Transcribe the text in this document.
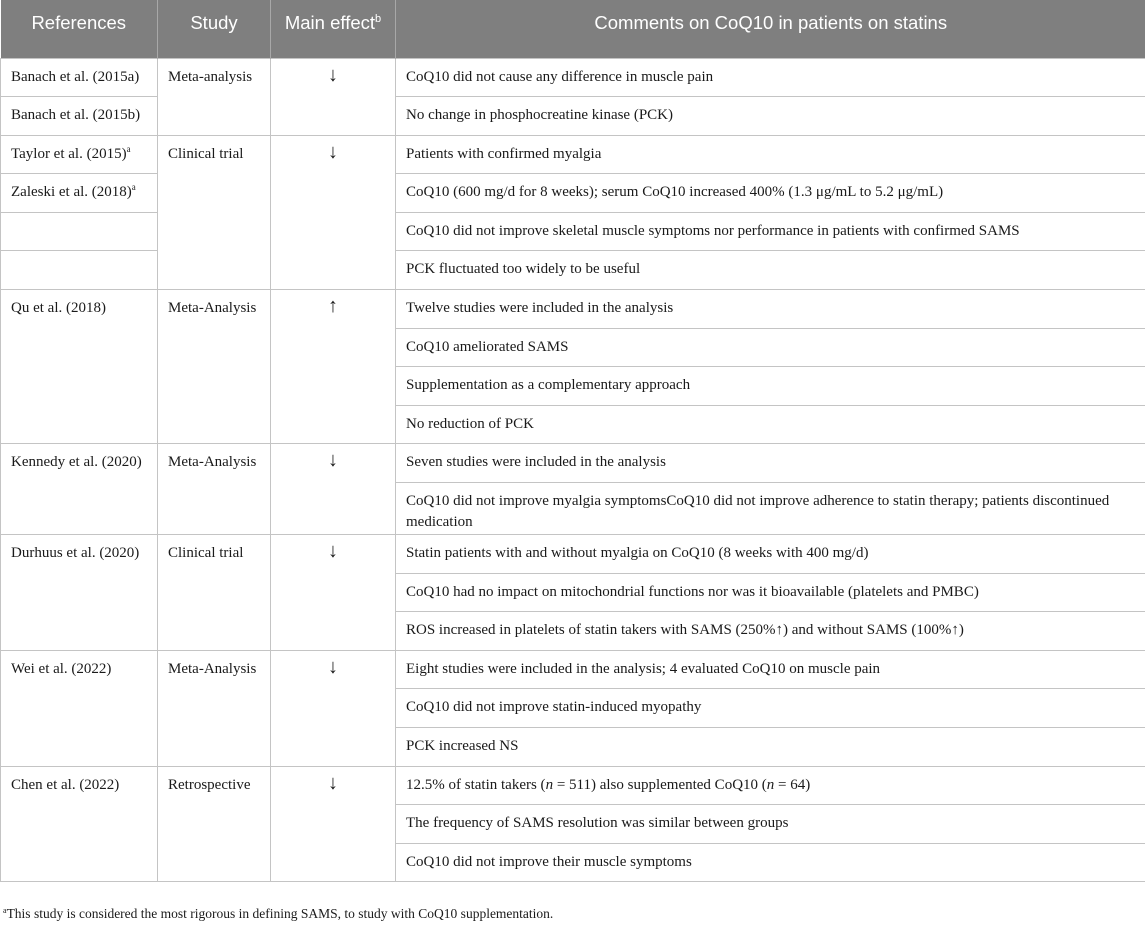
References	Study	Main effect$^b$	Comments on CoQ10 in patients on statins
Banach et al. (2015a)	Meta-analysis	↓	CoQ10 did not cause any difference in muscle pain
Banach et al. (2015b)			No change in phosphocreatine kinase (PCK)
Taylor et al. (2015)$^a$	Clinical trial	↓	Patients with confirmed myalgia
Zaleski et al. (2018)$^a$			CoQ10 (600 mg/d for 8 weeks); serum CoQ10 increased 400% (1.3 μg/mL to 5.2 μg/mL)
			CoQ10 did not improve skeletal muscle symptoms nor performance in patients with confirmed SAMS
			PCK fluctuated too widely to be useful
Qu et al. (2018)	Meta-Analysis	↑	Twelve studies were included in the analysis
			CoQ10 ameliorated SAMS
			Supplementation as a complementary approach
			No reduction of PCK
Kennedy et al. (2020)	Meta-Analysis	↓	Seven studies were included in the analysis
			CoQ10 did not improve myalgia symptomsCoQ10 did not improve adherence to statin therapy; patients discontinued medication
Durhuus et al. (2020)	Clinical trial	↓	Statin patients with and without myalgia on CoQ10 (8 weeks with 400 mg/d)
			CoQ10 had no impact on mitochondrial functions nor was it bioavailable (platelets and PMBC)
			ROS increased in platelets of statin takers with SAMS (250%↑) and without SAMS (100%↑)
Wei et al. (2022)	Meta-Analysis	↓	Eight studies were included in the analysis; 4 evaluated CoQ10 on muscle pain
			CoQ10 did not improve statin-induced myopathy
			PCK increased NS
Chen et al. (2022)	Retrospective	↓	12.5% of statin takers (n = 511) also supplemented CoQ10 (n = 64)
			The frequency of SAMS resolution was similar between groups
			CoQ10 did not improve their muscle symptoms
$^a$This study is considered the most rigorous in defining SAMS, to study with CoQ10 supplementation.
